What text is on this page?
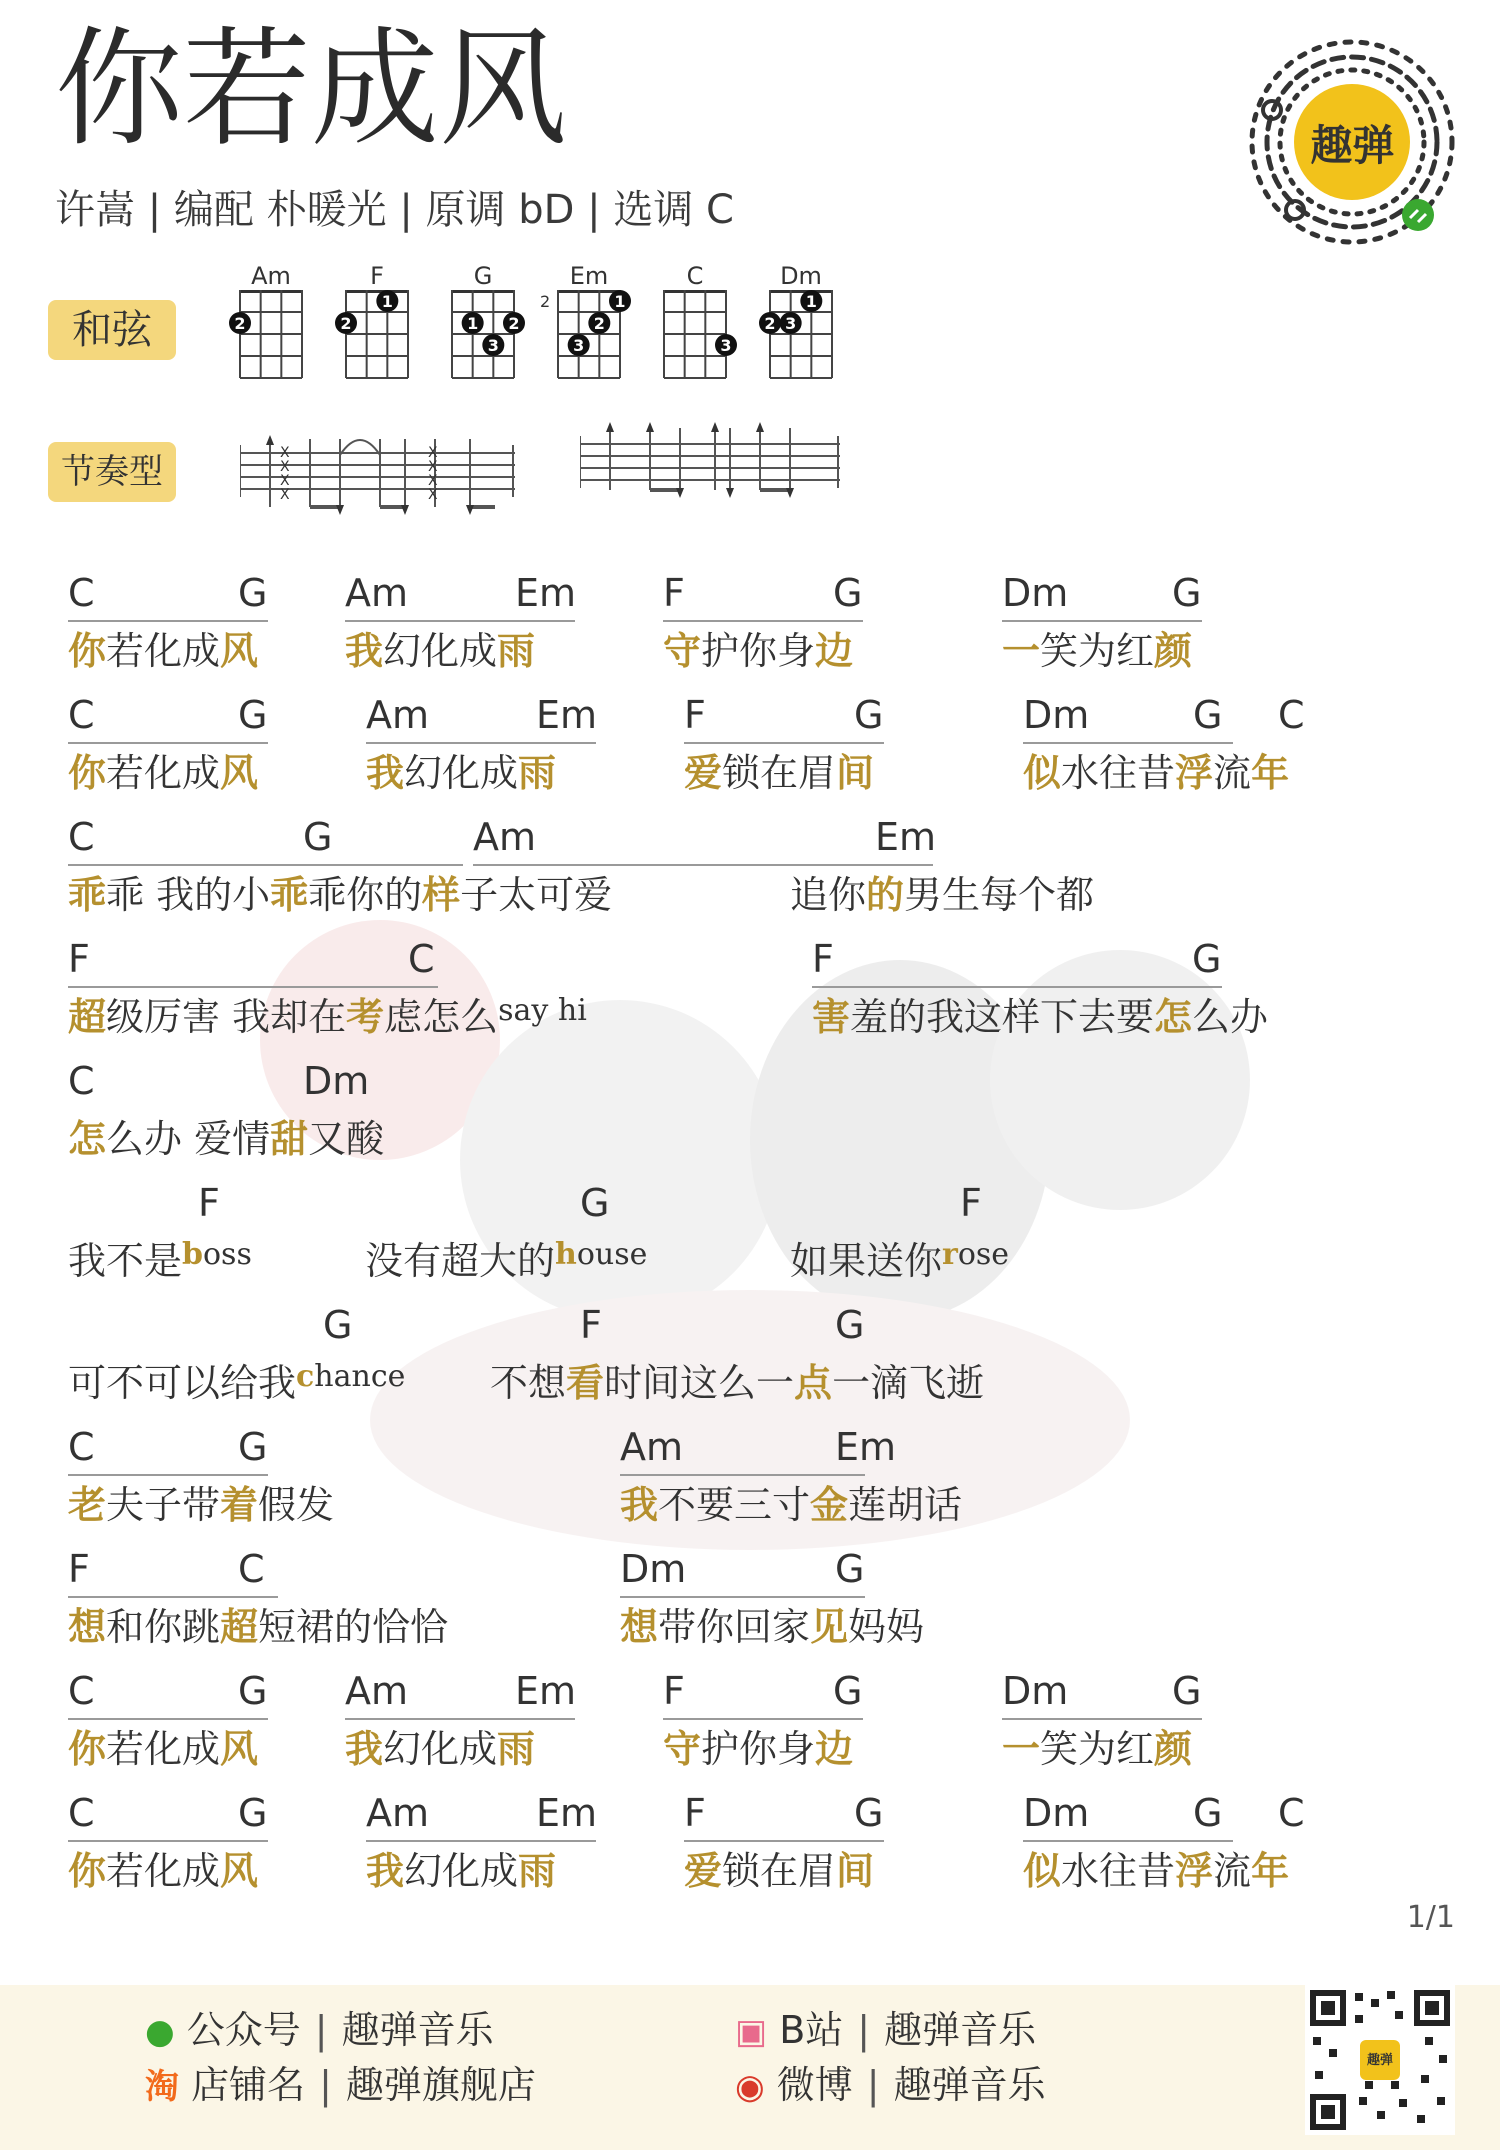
你若成风
许嵩 | 编配 朴暖光 | 原调 bD | 选调 C
趣弹
和弦
节奏型
Am
2
F
2
1
G
1 2
3
Em
1
2
3
2
C
3
Dm
2 3
1
X
X
X
X
X
X
X
X
C	G
你若化成风
Am	Em
我幻化成雨
F	G
守护你身边
Dm	G
一笑为红颜
C	G
你若化成风
Am	Em
我幻化成雨
F	G
爱锁在眉间
Dm	G C
似水往昔浮流年
C	G
乖乖 我的小乖乖你的样子太可爱
Am	Em
追你的男生每个都
F	C
超级厉害 我却在考虑怎么$^{say hi}$
F	G
害羞的我这样下去要怎么办
C	Dm
怎么办 爱情甜又酸
F
我不是$^{boss}$
G
没有超大的$^{house}$
F
如果送你$^{rose}$
G
可不可以给我$^{chance}$
F	G
不想看时间这么一点一滴飞逝
C	G
老夫子带着假发
Am	Em
我不要三寸金莲胡话
F	C
想和你跳超短裙的恰恰
Dm	G
想带你回家见妈妈
C	G
你若化成风
Am	Em
我幻化成雨
F	G
守护你身边
Dm	G
一笑为红颜
C	G
你若化成风
Am	Em
我幻化成雨
F	G
爱锁在眉间
Dm	G C
似水往昔浮流年
1/1
● 公众号 | 趣弹音乐
淘 店铺名 | 趣弹旗舰店
▣ B站 | 趣弹音乐
◉ 微博 | 趣弹音乐
趣弹
